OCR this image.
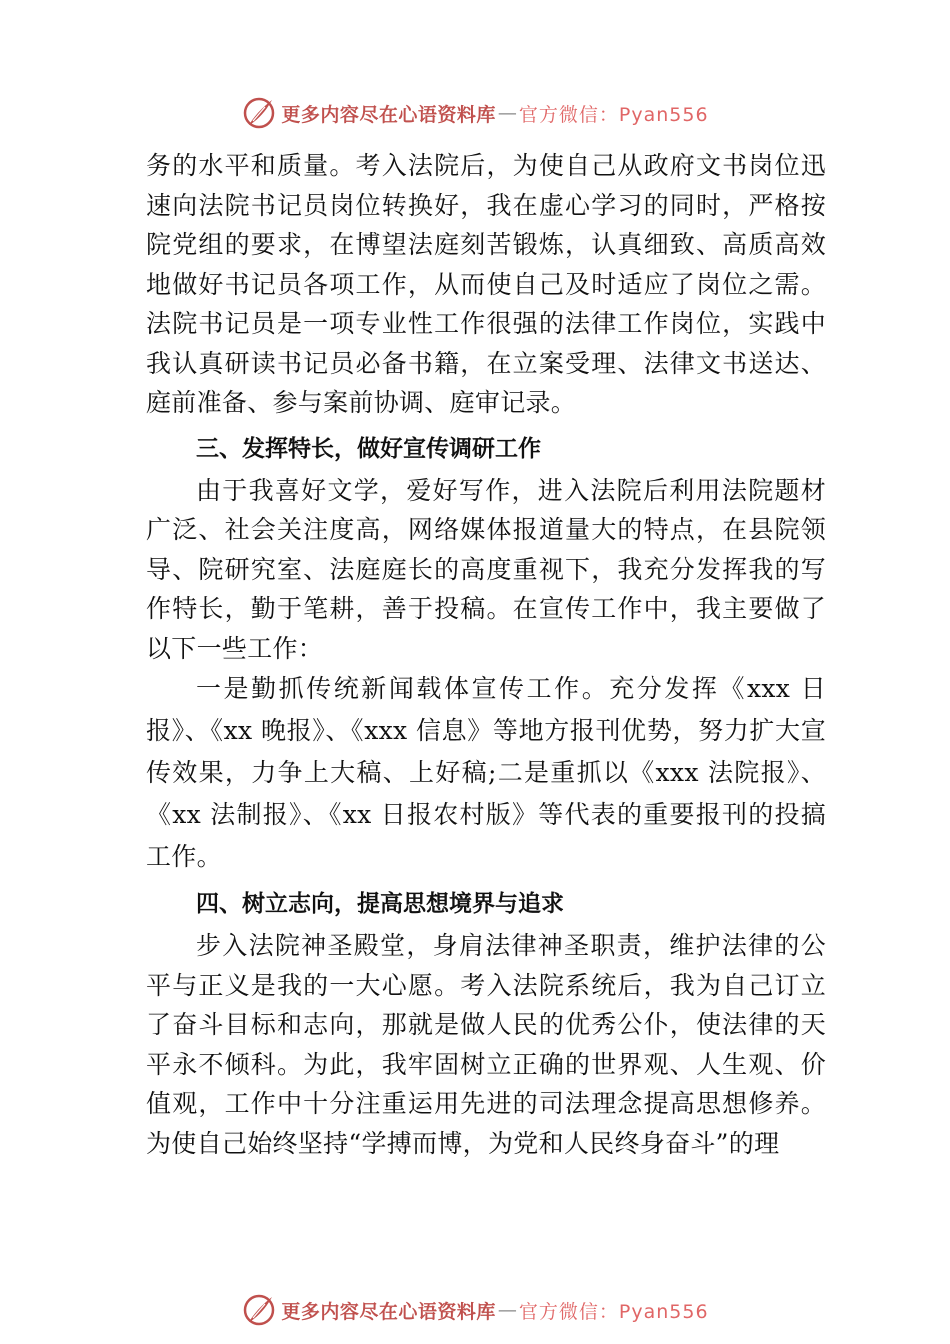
更多内容尽在心语资料库 — 官方微信：Pyan556

务的水平和质量。考入法院后，为使自己从政府文书岗位迅速向法院书记员岗位转换好，我在虚心学习的同时，严格按院党组的要求，在博望法庭刻苦锻炼，认真细致、高质高效地做好书记员各项工作，从而使自己及时适应了岗位之需。 法院书记员是一项专业性工作很强的法律工作岗位，实践中我认真研读书记员必备书籍，在立案受理、法律文书送达、 庭前准备、参与案前协调、庭审记录。

三、发挥特长，做好宣传调研工作

由于我喜好文学，爱好写作，进入法院后利用法院题材广泛、社会关注度高，网络媒体报道量大的特点，在县院领导、院研究室、法庭庭长的高度重视下，我充分发挥我的写作特长，勤于笔耕，善于投稿。在宣传工作中，我主要做了以下一些工作：

一是勤抓传统新闻载体宣传工作。充分发挥《xxx 日报》、《xx 晚报》、《xxx 信息》等地方报刊优势，努力扩大宣传效果，力争上大稿、上好稿;二是重抓以《xxx 法院报》、《xx 法制报》、《xx 日报农村版》等代表的重要报刊的投搞工作。

四、树立志向，提高思想境界与追求

步入法院神圣殿堂，身肩法律神圣职责，维护法律的公平与正义是我的一大心愿。考入法院系统后，我为自己订立了奋斗目标和志向，那就是做人民的优秀公仆，使法律的天平永不倾科。为此，我牢固树立正确的世界观、人生观、价值观，工作中十分注重运用先进的司法理念提高思想修养。 为使自己始终坚持“学搏而博，为党和人民终身奋斗”的理

更多内容尽在心语资料库 — 官方微信：Pyan556
